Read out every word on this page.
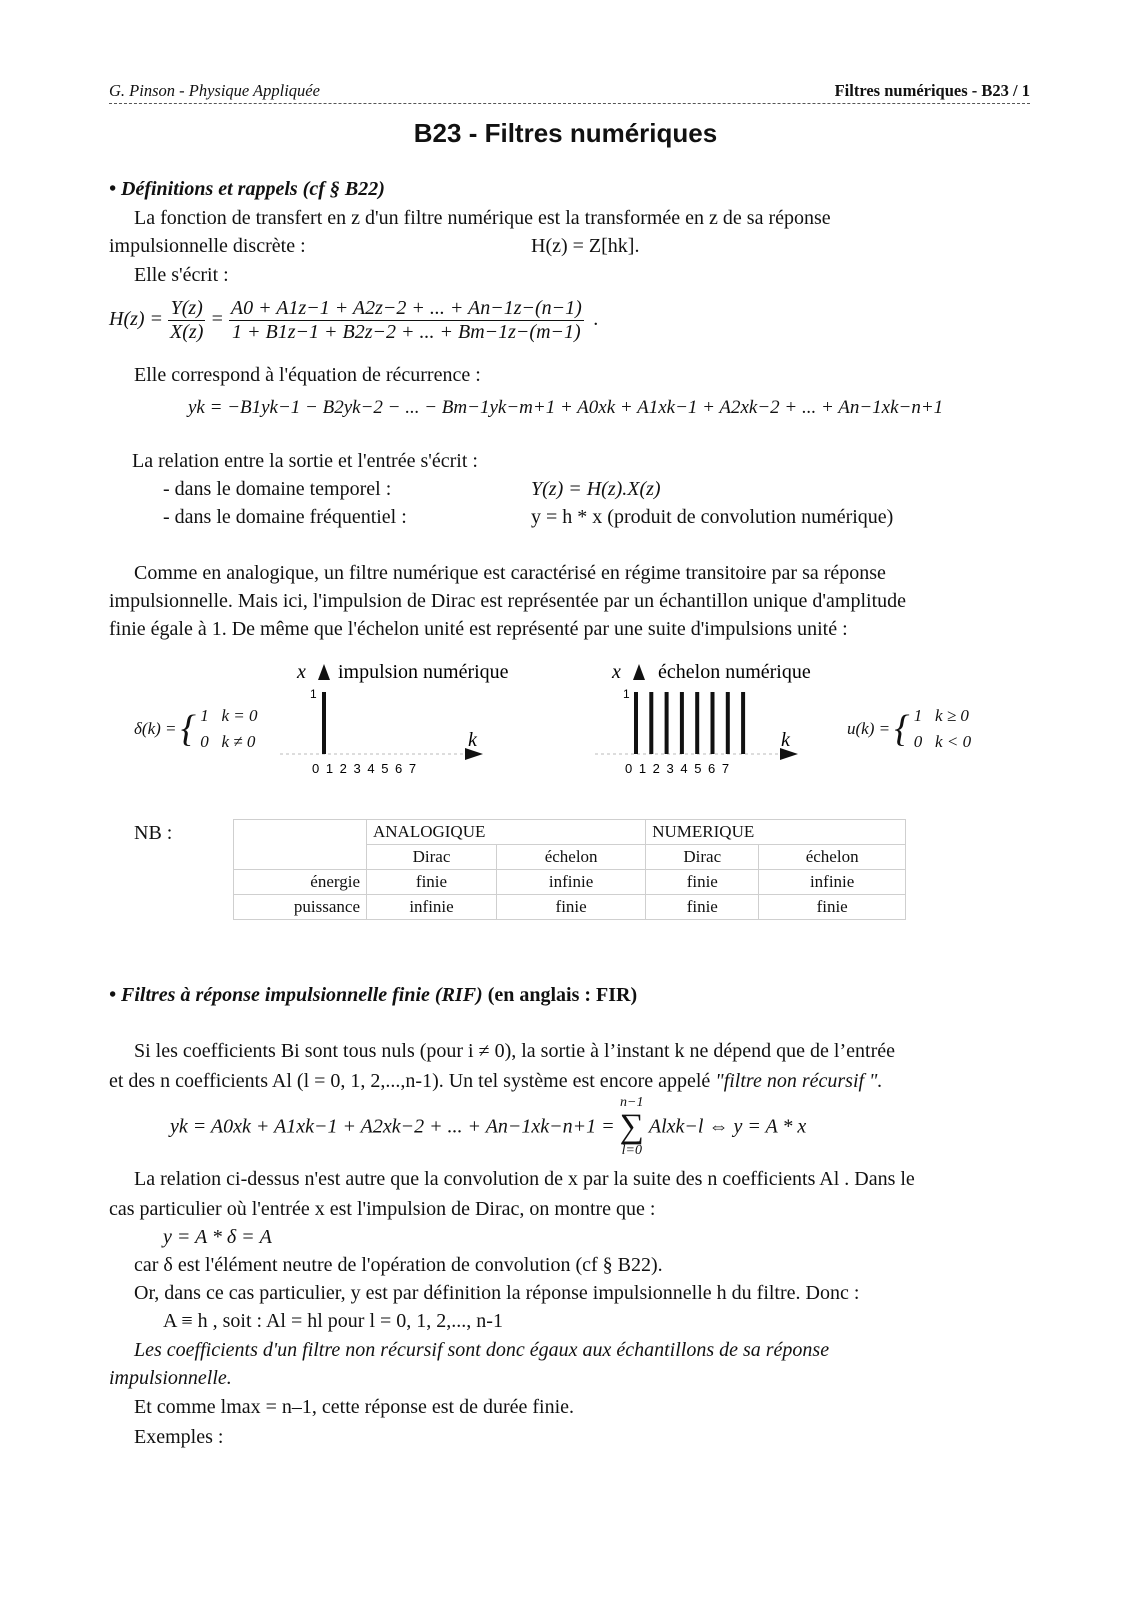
G. Pinson - Physique Appliquée	Filtres numériques - B23 / 1
B23 - Filtres numériques
• Définitions et rappels (cf § B22)
La fonction de transfert en z d'un filtre numérique est la transformée en z de sa réponse
impulsionnelle discrète :	H(z) = Z[hk].
Elle s'écrit :
$H(z) = \frac{Y(z)}{X(z)} = \frac{A0 + A1z-1 + A2z-2 + ... + An-1z-(n-1)}{1 + B1z-1 + B2z-2 + ... + Bm-1z-(m-1)}$ .
Elle correspond à l'équation de récurrence :
yk = −B1yk−1 − B2yk−2 − ... − Bm−1yk−m+1 + A0xk + A1xk−1 + A2xk−2 + ... + An−1xk−n+1
La relation entre la sortie et l'entrée s'écrit :
- dans le domaine temporel :	Y(z) = H(z).X(z)
- dans le domaine fréquentiel :	y = h * x (produit de convolution numérique)
Comme en analogique, un filtre numérique est caractérisé en régime transitoire par sa réponse
impulsionnelle. Mais ici, l'impulsion de Dirac est représentée par un échantillon unique d'amplitude
finie égale à 1. De même que l'échelon unité est représenté par une suite d'impulsions unité :
δ(k) = { 1 k = 0
0 k ≠ 0
x impulsion numérique
1
k
0 1 2 3 4 5 6 7
x échelon numérique
1
k
0 1 2 3 4 5 6 7
u(k) = { 1 k ≥ 0
0 k < 0
NB :
		ANALOGIQUE		NUMERIQUE	
	Dirac	échelon	Dirac	échelon
énergie	finie	infinie	finie	infinie
puissance	infinie	finie	finie	finie
• Filtres à réponse impulsionnelle finie (RIF) (en anglais : FIR)
Si les coefficients Bi sont tous nuls (pour i ≠ 0), la sortie à l’instant k ne dépend que de l’entrée
et des n coefficients Al (l = 0, 1, 2,...,n-1). Un tel système est encore appelé "filtre non récursif ".
yk = A0xk + A1xk−1 + A2xk−2 + ... + An−1xk−n+1 =
n−1
∑
l=0
Alxk−l ⇔ y = A * x
La relation ci-dessus n'est autre que la convolution de x par la suite des n coefficients Al . Dans le
cas particulier où l'entrée x est l'impulsion de Dirac, on montre que :
y = A * δ = A
car δ est l'élément neutre de l'opération de convolution (cf § B22).
Or, dans ce cas particulier, y est par définition la réponse impulsionnelle h du filtre. Donc :
A ≡ h , soit : Al = hl pour l = 0, 1, 2,..., n-1
Les coefficients d'un filtre non récursif sont donc égaux aux échantillons de sa réponse
impulsionnelle.
Et comme lmax = n–1, cette réponse est de durée finie.
Exemples :
